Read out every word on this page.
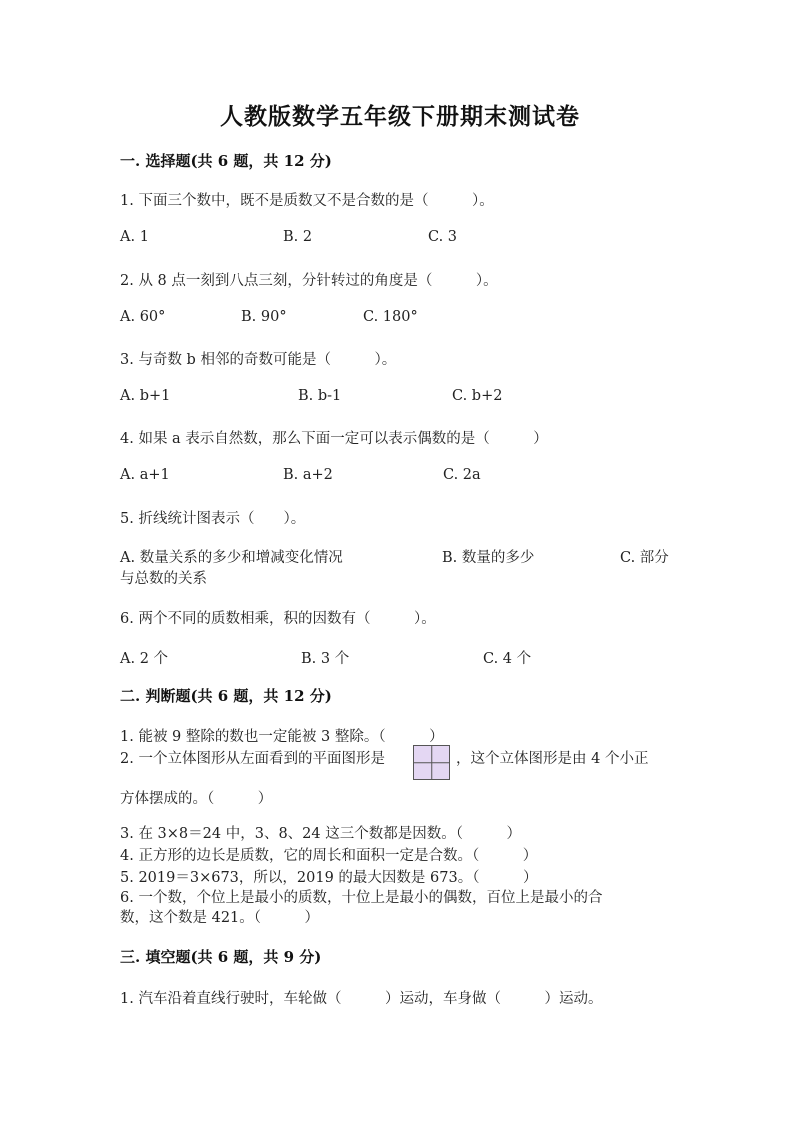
人教版数学五年级下册期末测试卷
一. 选择题(共 6 题，共 12 分)
1. 下面三个数中，既不是质数又不是合数的是（　　　）。
A. 1	B. 2	C. 3
2. 从 8 点一刻到八点三刻，分针转过的角度是（　　　）。
A. 60°	B. 90°	C. 180°
3. 与奇数 b 相邻的奇数可能是（　　　）。
A. b+1	B. b-1	C. b+2
4. 如果 a 表示自然数，那么下面一定可以表示偶数的是（　　　）
A. a+1	B. a+2	C. 2a
5. 折线统计图表示（　　）。
A. 数量关系的多少和增减变化情况	B. 数量的多少	C. 部分
与总数的关系
6. 两个不同的质数相乘，积的因数有（　　　）。
A. 2 个	B. 3 个	C. 4 个
二. 判断题(共 6 题，共 12 分)
1. 能被 9 整除的数也一定能被 3 整除。（　　　）
2. 一个立体图形从左面看到的平面图形是	，这个立体图形是由 4 个小正
方体摆成的。（　　　）
3. 在 3×8＝24 中，3、8、24 这三个数都是因数。（　　　）
4. 正方形的边长是质数，它的周长和面积一定是合数。（　　　）
5. 2019＝3×673，所以，2019 的最大因数是 673。（　　　）
6. 一个数，个位上是最小的质数，十位上是最小的偶数，百位上是最小的合
数，这个数是 421。（　　　）
三. 填空题(共 6 题，共 9 分)
1. 汽车沿着直线行驶时，车轮做（　　　）运动，车身做（　　　）运动。
